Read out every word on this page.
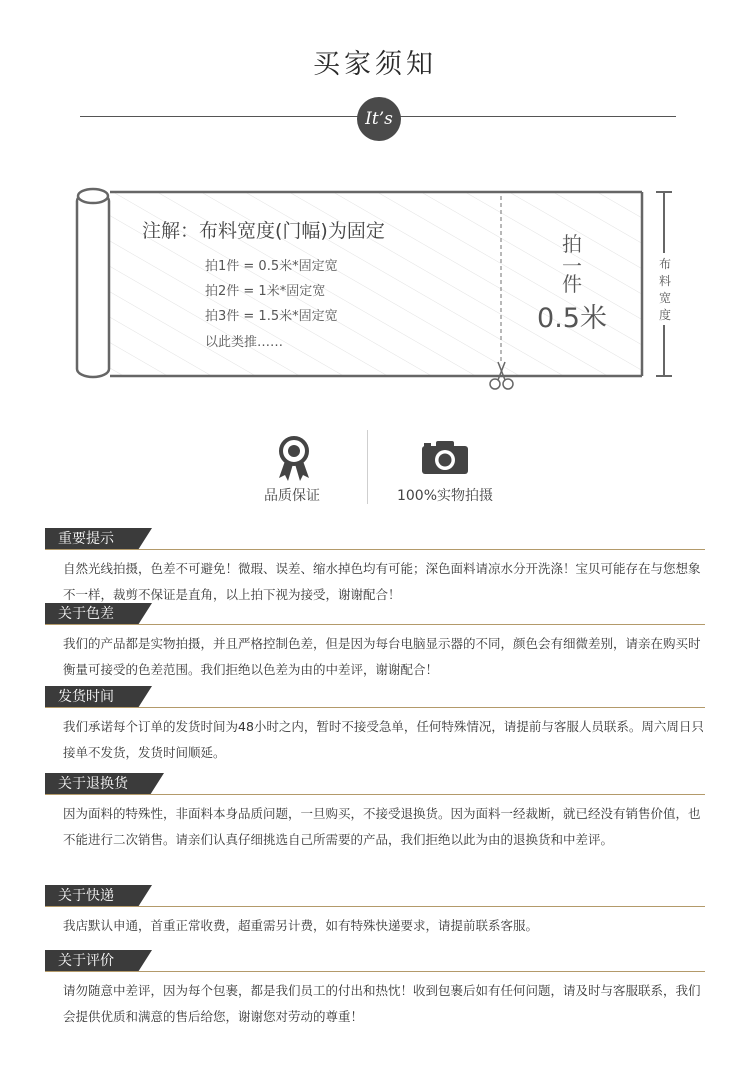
买家须知
It’s
注解：布料宽度(门幅)为固定
拍1件 = 0.5米*固定宽
拍2件 = 1米*固定宽
拍3件 = 1.5米*固定宽
以此类推……
拍
一
件
0.5米
布
料
宽
度
品质保证	100%实物拍摄
重要提示
自然光线拍摄，色差不可避免！微瑕、误差、缩水掉色均有可能；深色面料请凉水分开洗涤！宝贝可能存在与您想象不一样，裁剪不保证是直角，以上拍下视为接受，谢谢配合！
关于色差
我们的产品都是实物拍摄，并且严格控制色差，但是因为每台电脑显示器的不同，颜色会有细微差别，请亲在购买时衡量可接受的色差范围。我们拒绝以色差为由的中差评，谢谢配合！
发货时间
我们承诺每个订单的发货时间为48小时之内，暂时不接受急单，任何特殊情况，请提前与客服人员联系。周六周日只接单不发货，发货时间顺延。
关于退换货
因为面料的特殊性，非面料本身品质问题，一旦购买，不接受退换货。因为面料一经裁断，就已经没有销售价值，也不能进行二次销售。请亲们认真仔细挑选自己所需要的产品，我们拒绝以此为由的退换货和中差评。
关于快递
我店默认申通，首重正常收费，超重需另计费，如有特殊快递要求，请提前联系客服。
关于评价
请勿随意中差评，因为每个包裹，都是我们员工的付出和热忱！收到包裹后如有任何问题，请及时与客服联系，我们会提供优质和满意的售后给您，谢谢您对劳动的尊重！
